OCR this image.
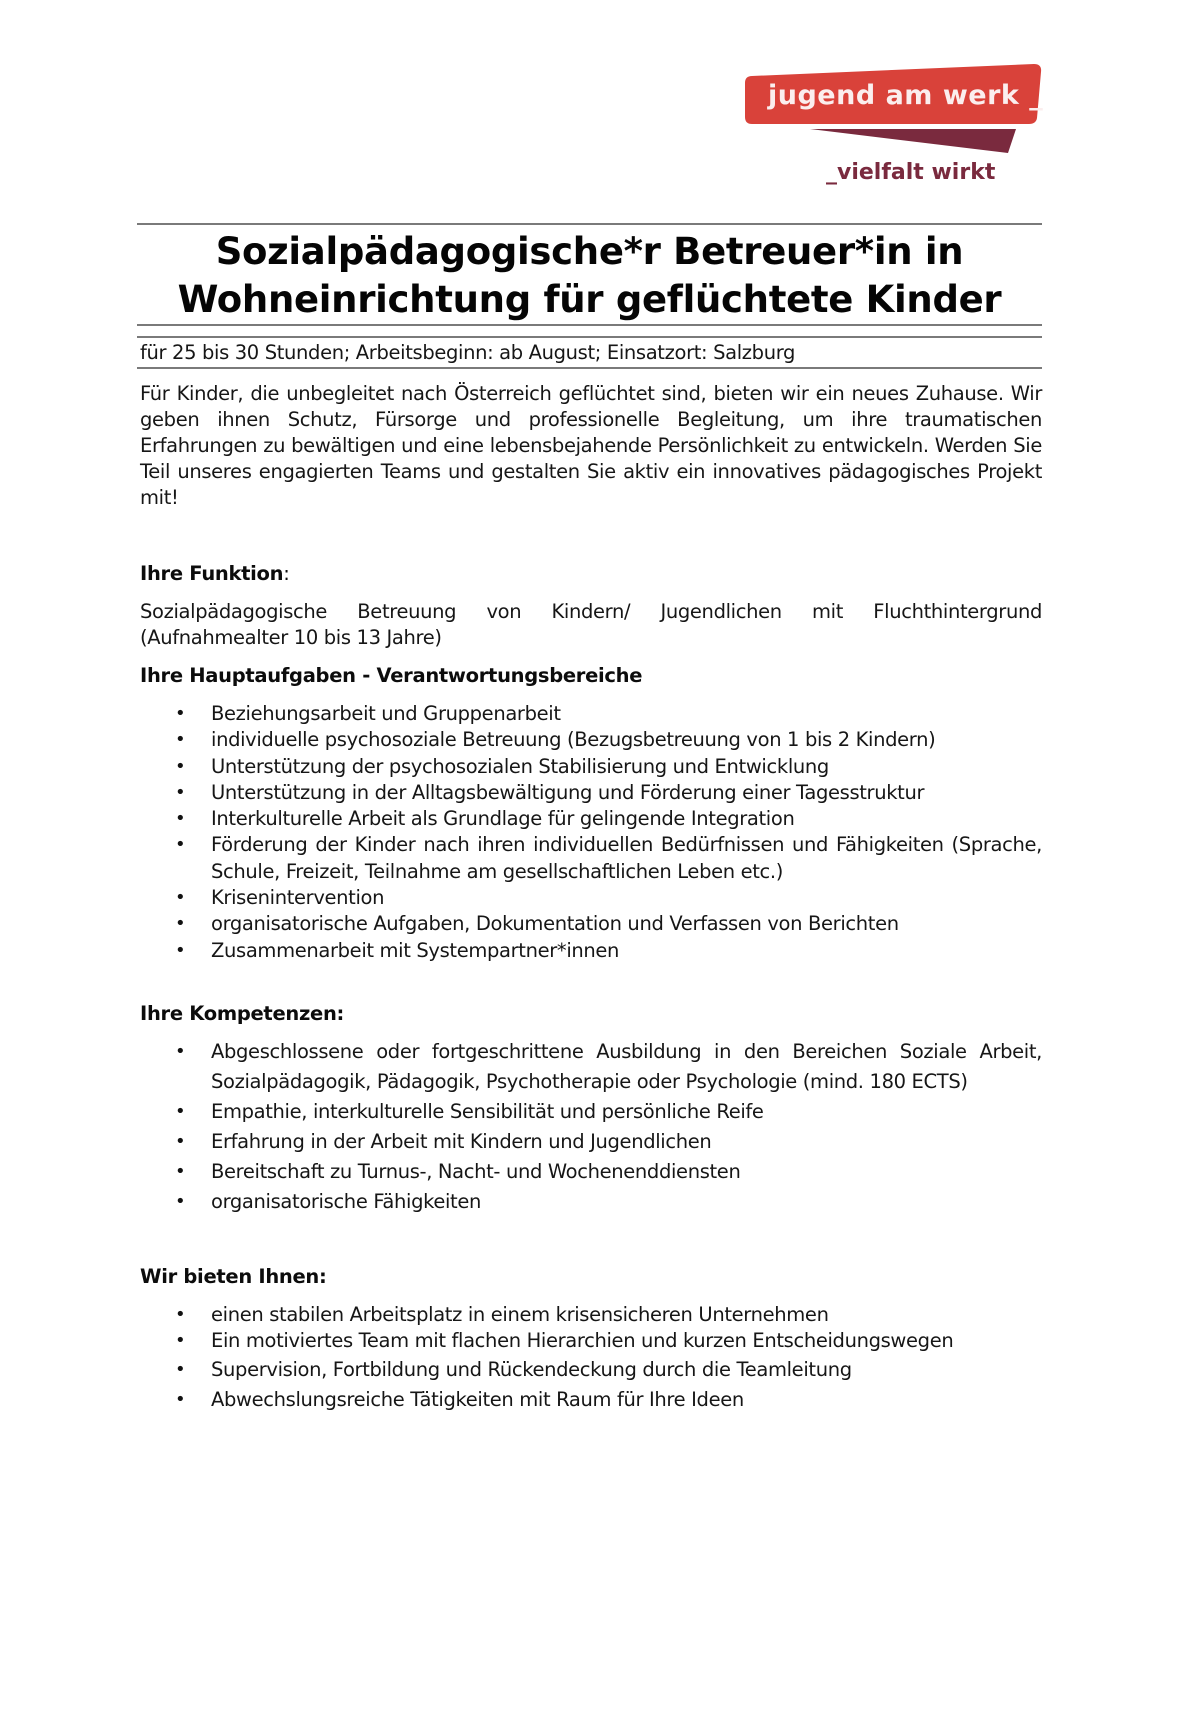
jugend am werk _
_vielfalt wirkt
Sozialpädagogische*r Betreuer*in in
Wohneinrichtung für geflüchtete Kinder
für 25 bis 30 Stunden; Arbeitsbeginn: ab August; Einsatzort: Salzburg
Für Kinder, die unbegleitet nach Österreich geflüchtet sind, bieten wir ein neues Zuhause. Wir geben ihnen Schutz, Fürsorge und professionelle Begleitung, um ihre traumatischen Erfahrungen zu bewältigen und eine lebensbejahende Persönlichkeit zu entwickeln. Werden Sie Teil unseres engagierten Teams und gestalten Sie aktiv ein innovatives pädagogisches Projekt mit!
Ihre Funktion:
Sozialpädagogische Betreuung von Kindern/ Jugendlichen mit Fluchthintergrund (Aufnahmealter 10 bis 13 Jahre)
Ihre Hauptaufgaben - Verantwortungsbereiche
• Beziehungsarbeit und Gruppenarbeit
• individuelle psychosoziale Betreuung (Bezugsbetreuung von 1 bis 2 Kindern)
• Unterstützung der psychosozialen Stabilisierung und Entwicklung
• Unterstützung in der Alltagsbewältigung und Förderung einer Tagesstruktur
• Interkulturelle Arbeit als Grundlage für gelingende Integration
• Förderung der Kinder nach ihren individuellen Bedürfnissen und Fähigkeiten (Sprache, Schule, Freizeit, Teilnahme am gesellschaftlichen Leben etc.)
• Krisenintervention
• organisatorische Aufgaben, Dokumentation und Verfassen von Berichten
• Zusammenarbeit mit Systempartner*innen
Ihre Kompetenzen:
• Abgeschlossene oder fortgeschrittene Ausbildung in den Bereichen Soziale Arbeit, Sozialpädagogik, Pädagogik, Psychotherapie oder Psychologie (mind. 180 ECTS)
• Empathie, interkulturelle Sensibilität und persönliche Reife
• Erfahrung in der Arbeit mit Kindern und Jugendlichen
• Bereitschaft zu Turnus-, Nacht- und Wochenenddiensten
• organisatorische Fähigkeiten
Wir bieten Ihnen:
• einen stabilen Arbeitsplatz in einem krisensicheren Unternehmen
• Ein motiviertes Team mit flachen Hierarchien und kurzen Entscheidungswegen
• Supervision, Fortbildung und Rückendeckung durch die Teamleitung
• Abwechslungsreiche Tätigkeiten mit Raum für Ihre Ideen
